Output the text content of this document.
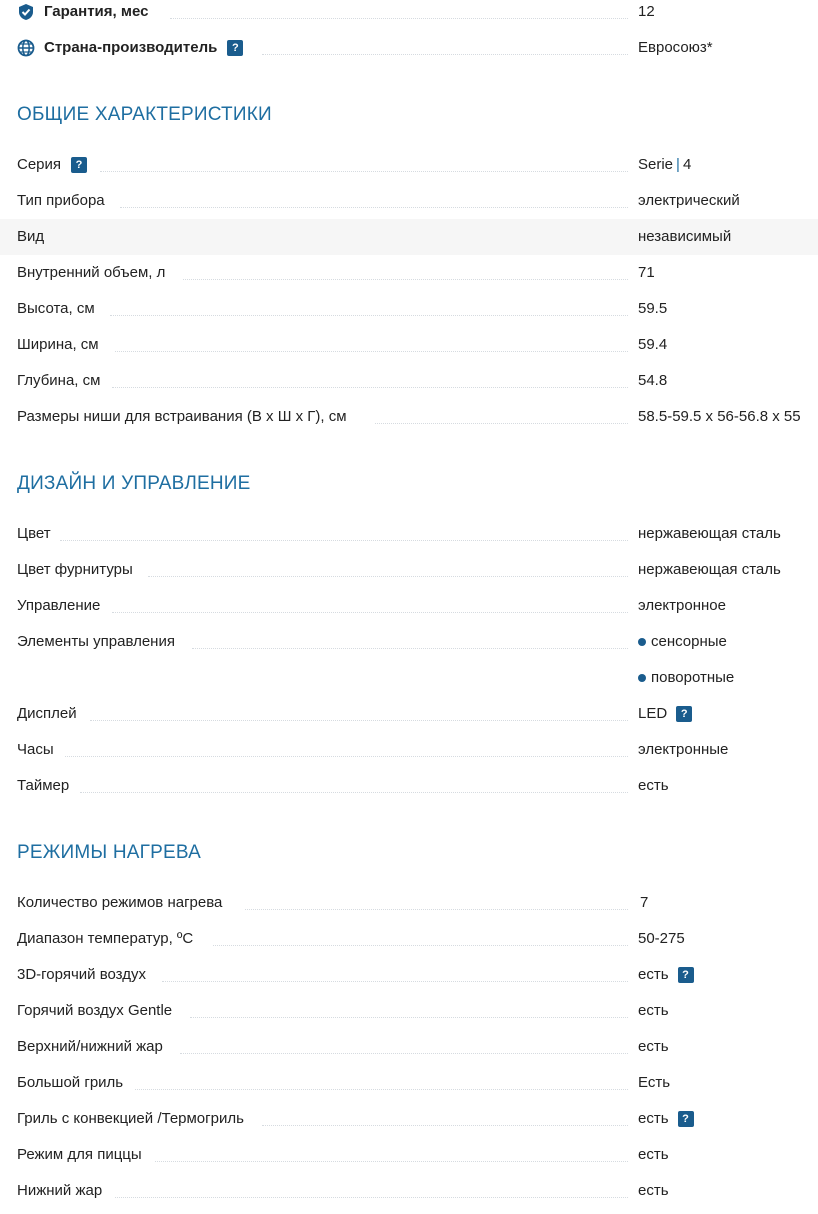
Гарантия, мес	12
Страна-производитель	?	Евросоюз*
ОБЩИЕ ХАРАКТЕРИСТИКИ
Серия	?	Serie | 4
Тип прибора	электрический
Вид	независимый
Внутренний объем, л	71
Высота, см	59.5
Ширина, см	59.4
Глубина, см	54.8
Размеры ниши для встраивания (В х Ш х Г), см	58.5-59.5 x 56-56.8 x 55
ДИЗАЙН И УПРАВЛЕНИЕ
Цвет	нержавеющая сталь
Цвет фурнитуры	нержавеющая сталь
Управление	электронное
Элементы управления	сенсорные
поворотные
Дисплей	LED	?
Часы	электронные
Таймер	есть
РЕЖИМЫ НАГРЕВА
Количество режимов нагрева	7
Диапазон температур, ºС	50-275
3D-горячий воздух	есть	?
Горячий воздух Gentle	есть
Верхний/нижний жар	есть
Большой гриль	Есть
Гриль с конвекцией /Термогриль	есть	?
Режим для пиццы	есть
Нижний жар	есть
